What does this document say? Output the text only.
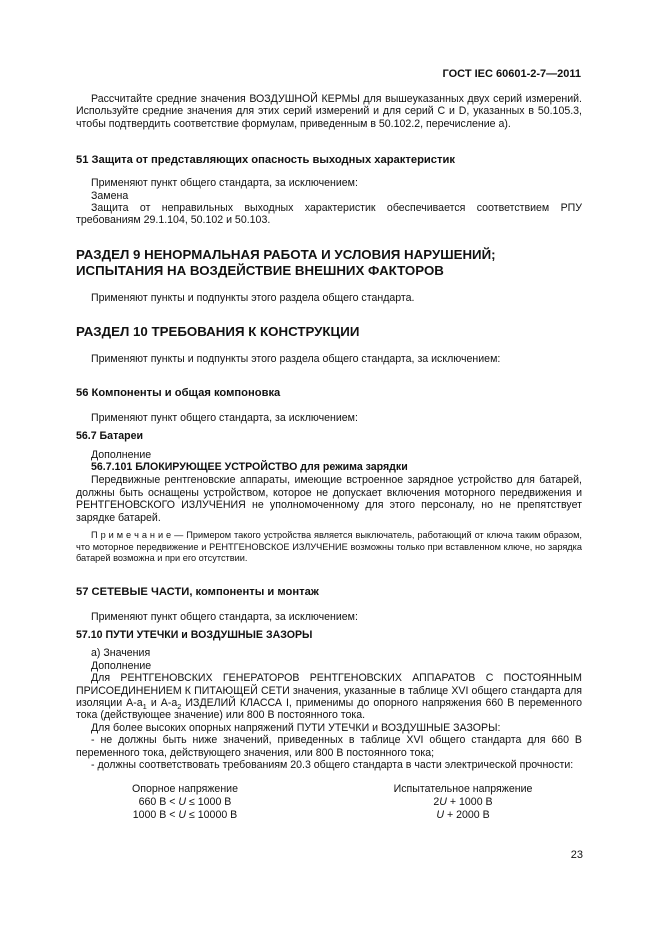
ГОСТ IEC 60601-2-7—2011

Рассчитайте средние значения ВОЗДУШНОЙ КЕРМЫ для вышеуказанных двух серий измерений. Используйте средние значения для этих серий измерений и для серий C и D, указанных в 50.105.3, чтобы подтвердить соответствие формулам, приведенным в 50.102.2, перечисление a).

51 Защита от представляющих опасность выходных характеристик

Применяют пункт общего стандарта, за исключением:

Замена

Защита от неправильных выходных характеристик обеспечивается соответствием РПУ требованиям 29.1.104, 50.102 и 50.103.

РАЗДЕЛ 9 НЕНОРМАЛЬНАЯ РАБОТА И УСЛОВИЯ НАРУШЕНИЙ;
ИСПЫТАНИЯ НА ВОЗДЕЙСТВИЕ ВНЕШНИХ ФАКТОРОВ

Применяют пункты и подпункты этого раздела общего стандарта.

РАЗДЕЛ 10 ТРЕБОВАНИЯ К КОНСТРУКЦИИ

Применяют пункты и подпункты этого раздела общего стандарта, за исключением:

56 Компоненты и общая компоновка

Применяют пункт общего стандарта, за исключением:

56.7 Батареи

Дополнение

56.7.101 БЛОКИРУЮЩЕЕ УСТРОЙСТВО для режима зарядки

Передвижные рентгеновские аппараты, имеющие встроенное зарядное устройство для батарей, должны быть оснащены устройством, которое не допускает включения моторного передвижения и РЕНТГЕНОВСКОГО ИЗЛУЧЕНИЯ не уполномоченному для этого персоналу, но не препятствует зарядке батарей.

П р и м е ч а н и е — Примером такого устройства является выключатель, работающий от ключа таким образом, что моторное передвижение и РЕНТГЕНОВСКОЕ ИЗЛУЧЕНИЕ возможны только при вставленном ключе, но зарядка батарей возможна и при его отсутствии.

57 СЕТЕВЫЕ ЧАСТИ, компоненты и монтаж

Применяют пункт общего стандарта, за исключением:

57.10 ПУТИ УТЕЧКИ и ВОЗДУШНЫЕ ЗАЗОРЫ

a) Значения

Дополнение

Для РЕНТГЕНОВСКИХ ГЕНЕРАТОРОВ РЕНТГЕНОВСКИХ АППАРАТОВ С ПОСТОЯННЫМ ПРИСОЕДИНЕНИЕМ К ПИТАЮЩЕЙ СЕТИ значения, указанные в таблице XVI общего стандарта для изоляции $A-a_1$ и $A-a_2$ ИЗДЕЛИЙ КЛАССА I, применимы до опорного напряжения 660 В переменного тока (действующее значение) или 800 В постоянного тока.

Для более высоких опорных напряжений ПУТИ УТЕЧКИ и ВОЗДУШНЫЕ ЗАЗОРЫ:

- не должны быть ниже значений, приведенных в таблице XVI общего стандарта для 660 В переменного тока, действующего значения, или 800 В постоянного тока;

- должны соответствовать требованиям 20.3 общего стандарта в части электрической прочности:

Опорное напряжение	Испытательное напряжение
660 В < U ≤ 1000 В	2U + 1000 В
1000 В < U ≤ 10000 В	U + 2000 В
23
